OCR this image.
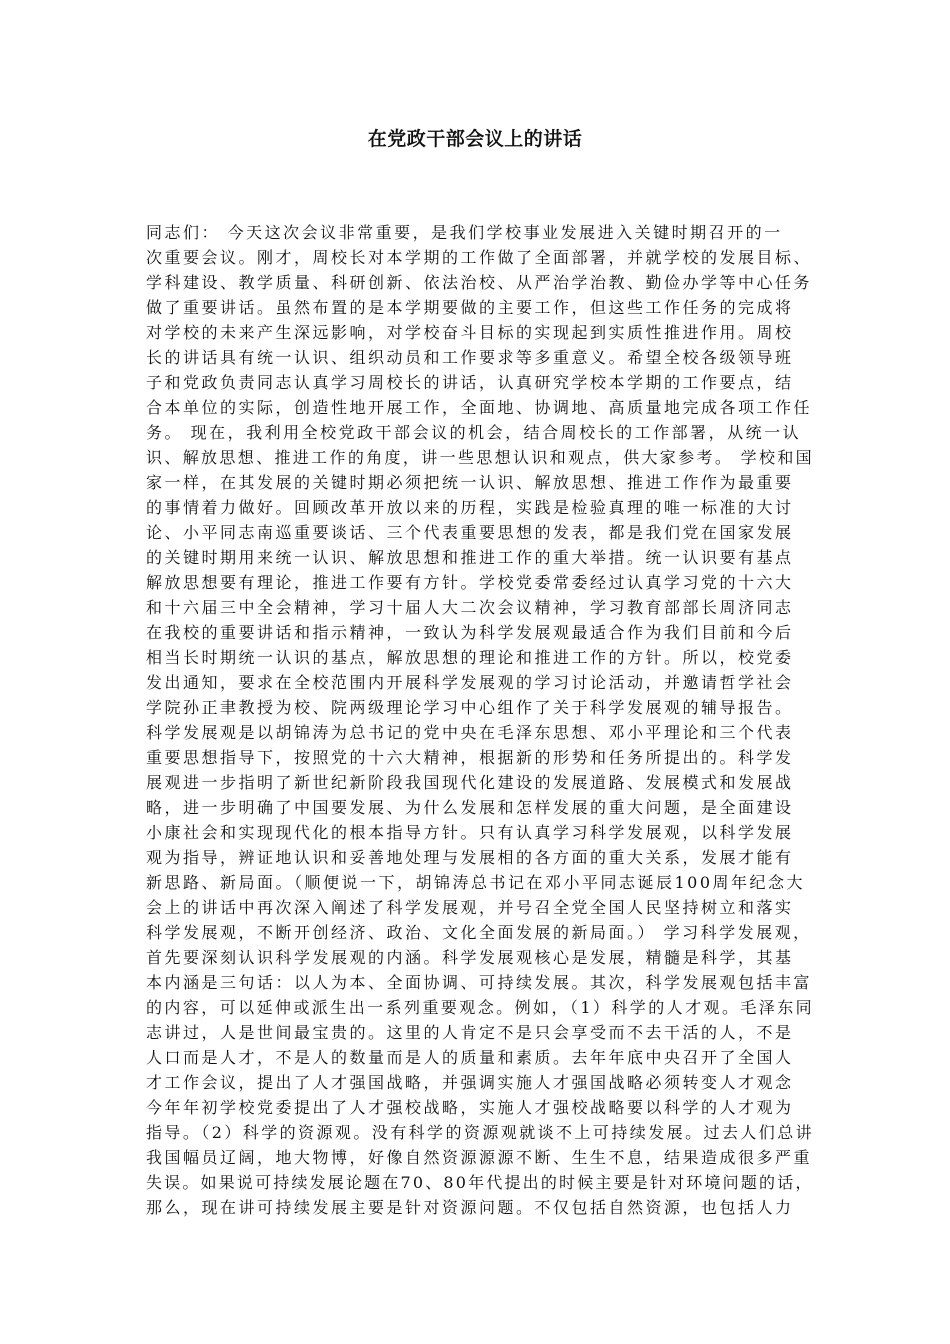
在党政干部会议上的讲话
同志们： 今天这次会议非常重要，是我们学校事业发展进入关键时期召开的一
次重要会议。刚才，周校长对本学期的工作做了全面部署，并就学校的发展目标、
学科建设、教学质量、科研创新、依法治校、从严治学治教、勤俭办学等中心任务
做了重要讲话。虽然布置的是本学期要做的主要工作，但这些工作任务的完成将
对学校的未来产生深远影响，对学校奋斗目标的实现起到实质性推进作用。周校
长的讲话具有统一认识、组织动员和工作要求等多重意义。希望全校各级领导班
子和党政负责同志认真学习周校长的讲话，认真研究学校本学期的工作要点，结
合本单位的实际，创造性地开展工作，全面地、协调地、高质量地完成各项工作任
务。 现在，我利用全校党政干部会议的机会，结合周校长的工作部署，从统一认
识、解放思想、推进工作的角度，讲一些思想认识和观点，供大家参考。 学校和国
家一样，在其发展的关键时期必须把统一认识、解放思想、推进工作作为最重要
的事情着力做好。回顾改革开放以来的历程，实践是检验真理的唯一标准的大讨
论、小平同志南巡重要谈话、三个代表重要思想的发表，都是我们党在国家发展
的关键时期用来统一认识、解放思想和推进工作的重大举措。统一认识要有基点
解放思想要有理论，推进工作要有方针。学校党委常委经过认真学习党的十六大
和十六届三中全会精神，学习十届人大二次会议精神，学习教育部部长周济同志
在我校的重要讲话和指示精神，一致认为科学发展观最适合作为我们目前和今后
相当长时期统一认识的基点，解放思想的理论和推进工作的方针。所以，校党委
发出通知，要求在全校范围内开展科学发展观的学习讨论活动，并邀请哲学社会
学院孙正聿教授为校、院两级理论学习中心组作了关于科学发展观的辅导报告。
科学发展观是以胡锦涛为总书记的党中央在毛泽东思想、邓小平理论和三个代表
重要思想指导下，按照党的十六大精神，根据新的形势和任务所提出的。科学发
展观进一步指明了新世纪新阶段我国现代化建设的发展道路、发展模式和发展战
略，进一步明确了中国要发展、为什么发展和怎样发展的重大问题，是全面建设
小康社会和实现现代化的根本指导方针。只有认真学习科学发展观，以科学发展
观为指导，辨证地认识和妥善地处理与发展相的各方面的重大关系，发展才能有
新思路、新局面。（顺便说一下，胡锦涛总书记在邓小平同志诞辰100周年纪念大
会上的讲话中再次深入阐述了科学发展观，并号召全党全国人民坚持树立和落实
科学发展观，不断开创经济、政治、文化全面发展的新局面。） 学习科学发展观，
首先要深刻认识科学发展观的内涵。科学发展观核心是发展，精髓是科学，其基
本内涵是三句话：以人为本、全面协调、可持续发展。其次，科学发展观包括丰富
的内容，可以延伸或派生出一系列重要观念。例如，（1）科学的人才观。毛泽东同
志讲过，人是世间最宝贵的。这里的人肯定不是只会享受而不去干活的人，不是
人口而是人才，不是人的数量而是人的质量和素质。去年年底中央召开了全国人
才工作会议，提出了人才强国战略，并强调实施人才强国战略必须转变人才观念
今年年初学校党委提出了人才强校战略，实施人才强校战略要以科学的人才观为
指导。（2）科学的资源观。没有科学的资源观就谈不上可持续发展。过去人们总讲
我国幅员辽阔，地大物博，好像自然资源源源不断、生生不息，结果造成很多严重
失误。如果说可持续发展论题在70、80年代提出的时候主要是针对环境问题的话，
那么，现在讲可持续发展主要是针对资源问题。不仅包括自然资源，也包括人力
